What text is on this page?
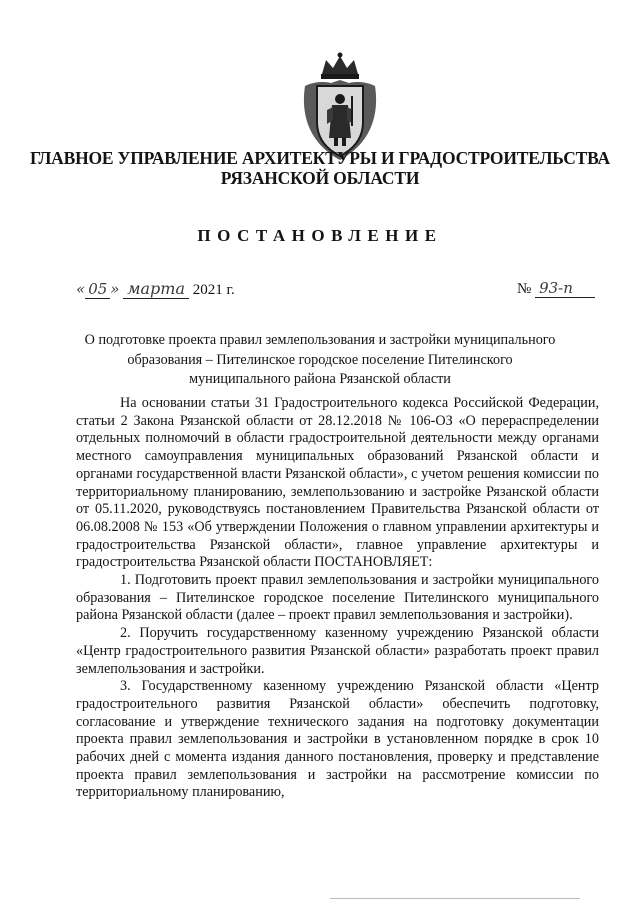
ГЛАВНОЕ УПРАВЛЕНИЕ АРХИТЕКТУРЫ И ГРАДОСТРОИТЕЛЬСТВА
РЯЗАНСКОЙ ОБЛАСТИ
ПОСТАНОВЛЕНИЕ
« 05 » марта 2021 г.	№ 93-п
О подготовке проекта правил землепользования и застройки муниципального
образования – Пителинское городское поселение Пителинского
муниципального района Рязанской области

На основании статьи 31 Градостроительного кодекса Российской Федерации, статьи 2 Закона Рязанской области от 28.12.2018 № 106-ОЗ «О перераспределении отдельных полномочий в области градостроительной деятельности между органами местного самоуправления муниципальных образований Рязанской области и органами государственной власти Рязанской области», с учетом решения комиссии по территориальному планированию, землепользованию и застройке Рязанской области от 05.11.2020, руководствуясь постановлением Правительства Рязанской области от 06.08.2008 № 153 «Об утверждении Положения о главном управлении архитектуры и градостроительства Рязанской области», главное управление архитектуры и градостроительства Рязанской области ПОСТАНОВЛЯЕТ:

1. Подготовить проект правил землепользования и застройки муниципального образования – Пителинское городское поселение Пителинского муниципального района Рязанской области (далее – проект правил землепользования и застройки).

2. Поручить государственному казенному учреждению Рязанской области «Центр градостроительного развития Рязанской области» разработать проект правил землепользования и застройки.

3. Государственному казенному учреждению Рязанской области «Центр градостроительного развития Рязанской области» обеспечить подготовку, согласование и утверждение технического задания на подготовку документации проекта правил землепользования и застройки в установленном порядке в срок 10 рабочих дней с момента издания данного постановления, проверку и представление проекта правил землепользования и застройки на рассмотрение комиссии по территориальному планированию,
